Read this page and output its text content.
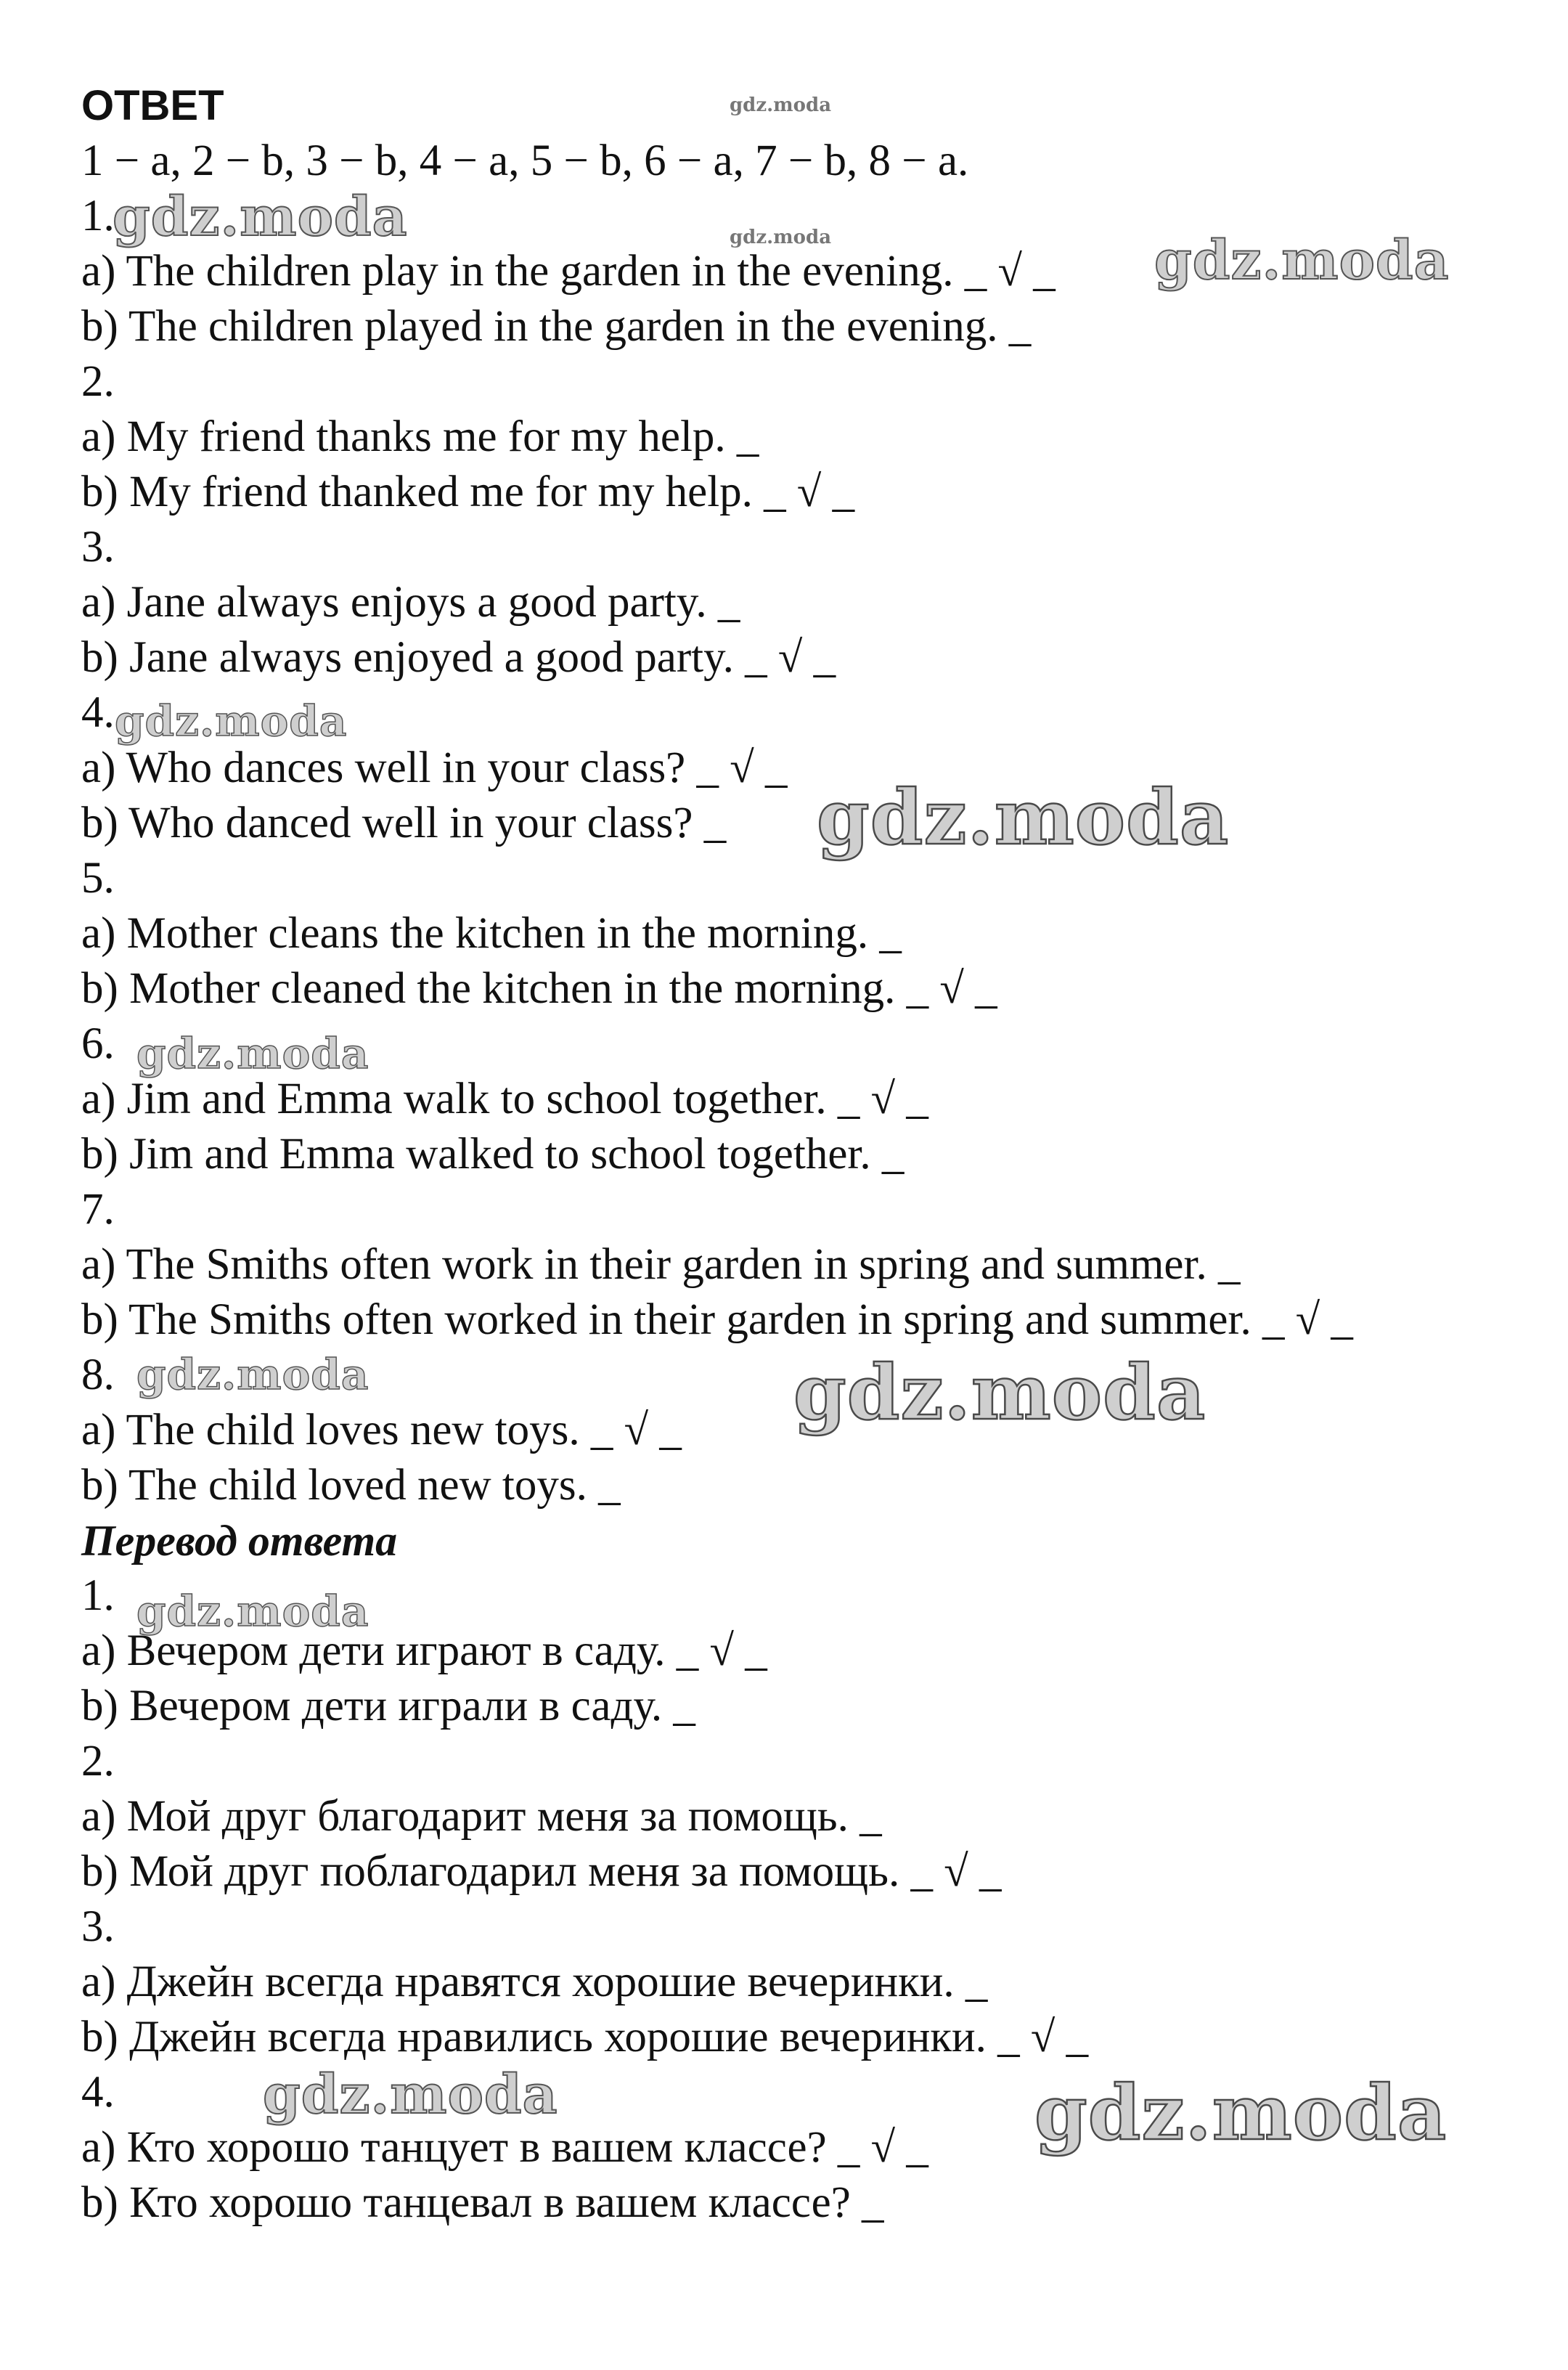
ОТВЕТ
1 − a, 2 − b, 3 − b, 4 − a, 5 − b, 6 − a, 7 − b, 8 − a.
1.
a) The children play in the garden in the evening. _ √ _
b) The children played in the garden in the evening. _
2.
a) My friend thanks me for my help. _
b) My friend thanked me for my help. _ √ _
3.
a) Jane always enjoys a good party. _
b) Jane always enjoyed a good party. _ √ _
4.
a) Who dances well in your class? _ √ _
b) Who danced well in your class? _
5.
a) Mother cleans the kitchen in the morning. _
b) Mother cleaned the kitchen in the morning. _ √ _
6.
a) Jim and Emma walk to school together. _ √ _
b) Jim and Emma walked to school together. _
7.
a) The Smiths often work in their garden in spring and summer. _
b) The Smiths often worked in their garden in spring and summer. _ √ _
8.
a) The child loves new toys. _ √ _
b) The child loved new toys. _
Перевод ответа
1.
a) Вечером дети играют в саду. _ √ _
b) Вечером дети играли в саду. _
2.
a) Мой друг благодарит меня за помощь. _
b) Мой друг поблагодарил меня за помощь. _ √ _
3.
a) Джейн всегда нравятся хорошие вечеринки. _
b) Джейн всегда нравились хорошие вечеринки. _ √ _
4.
a) Кто хорошо танцует в вашем классе? _ √ _
b) Кто хорошо танцевал в вашем классе? _
gdz.moda
gdz.moda
gdz.moda
gdz.moda
gdz.moda
gdz.moda
gdz.moda
gdz.moda	gdz.moda
gdz.moda
gdz.moda	gdz.moda
